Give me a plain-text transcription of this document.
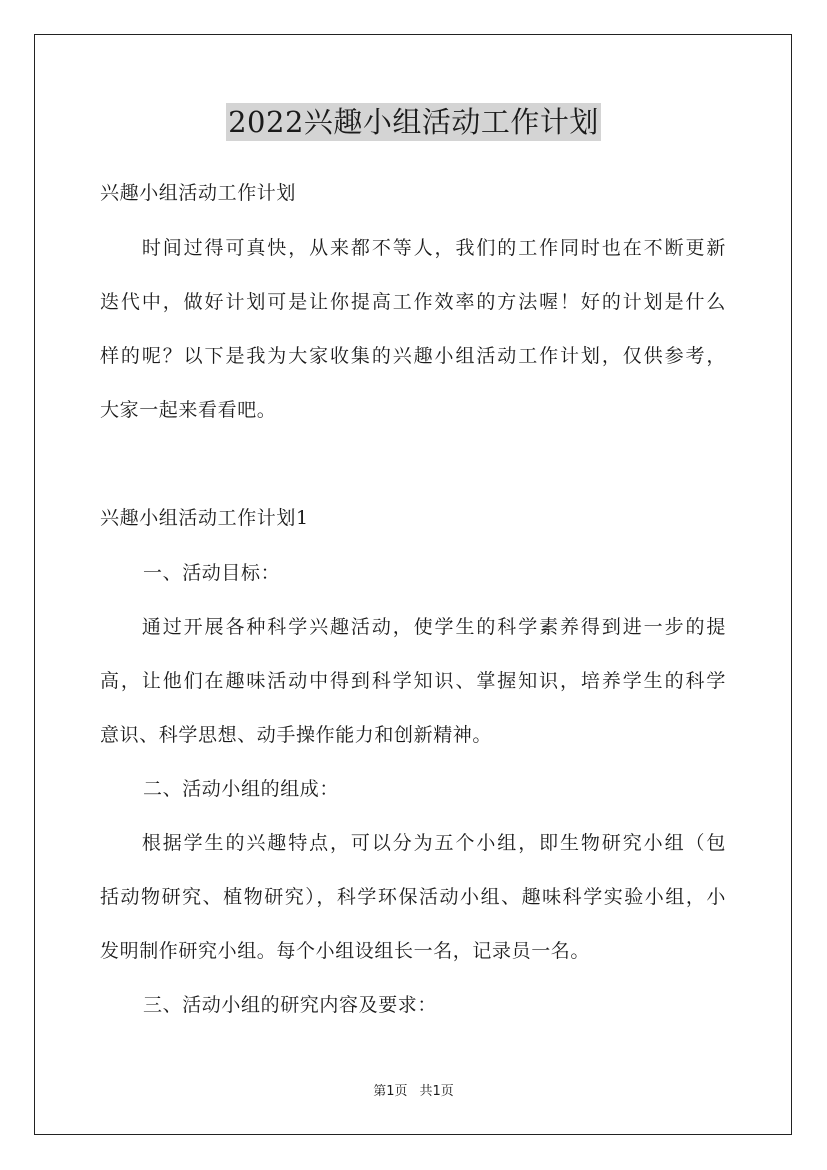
2022兴趣小组活动工作计划
兴趣小组活动工作计划
　　时间过得可真快，从来都不等人，我们的工作同时也在不断更新
迭代中，做好计划可是让你提高工作效率的方法喔！好的计划是什么
样的呢？以下是我为大家收集的兴趣小组活动工作计划，仅供参考，
大家一起来看看吧。
兴趣小组活动工作计划1
一、活动目标：
　　通过开展各种科学兴趣活动，使学生的科学素养得到进一步的提
高，让他们在趣味活动中得到科学知识、掌握知识，培养学生的科学
意识、科学思想、动手操作能力和创新精神。
二、活动小组的组成：
　　根据学生的兴趣特点，可以分为五个小组，即生物研究小组（包
括动物研究、植物研究），科学环保活动小组、趣味科学实验小组，小
发明制作研究小组。每个小组设组长一名，记录员一名。
三、活动小组的研究内容及要求：
第1页 共1页
